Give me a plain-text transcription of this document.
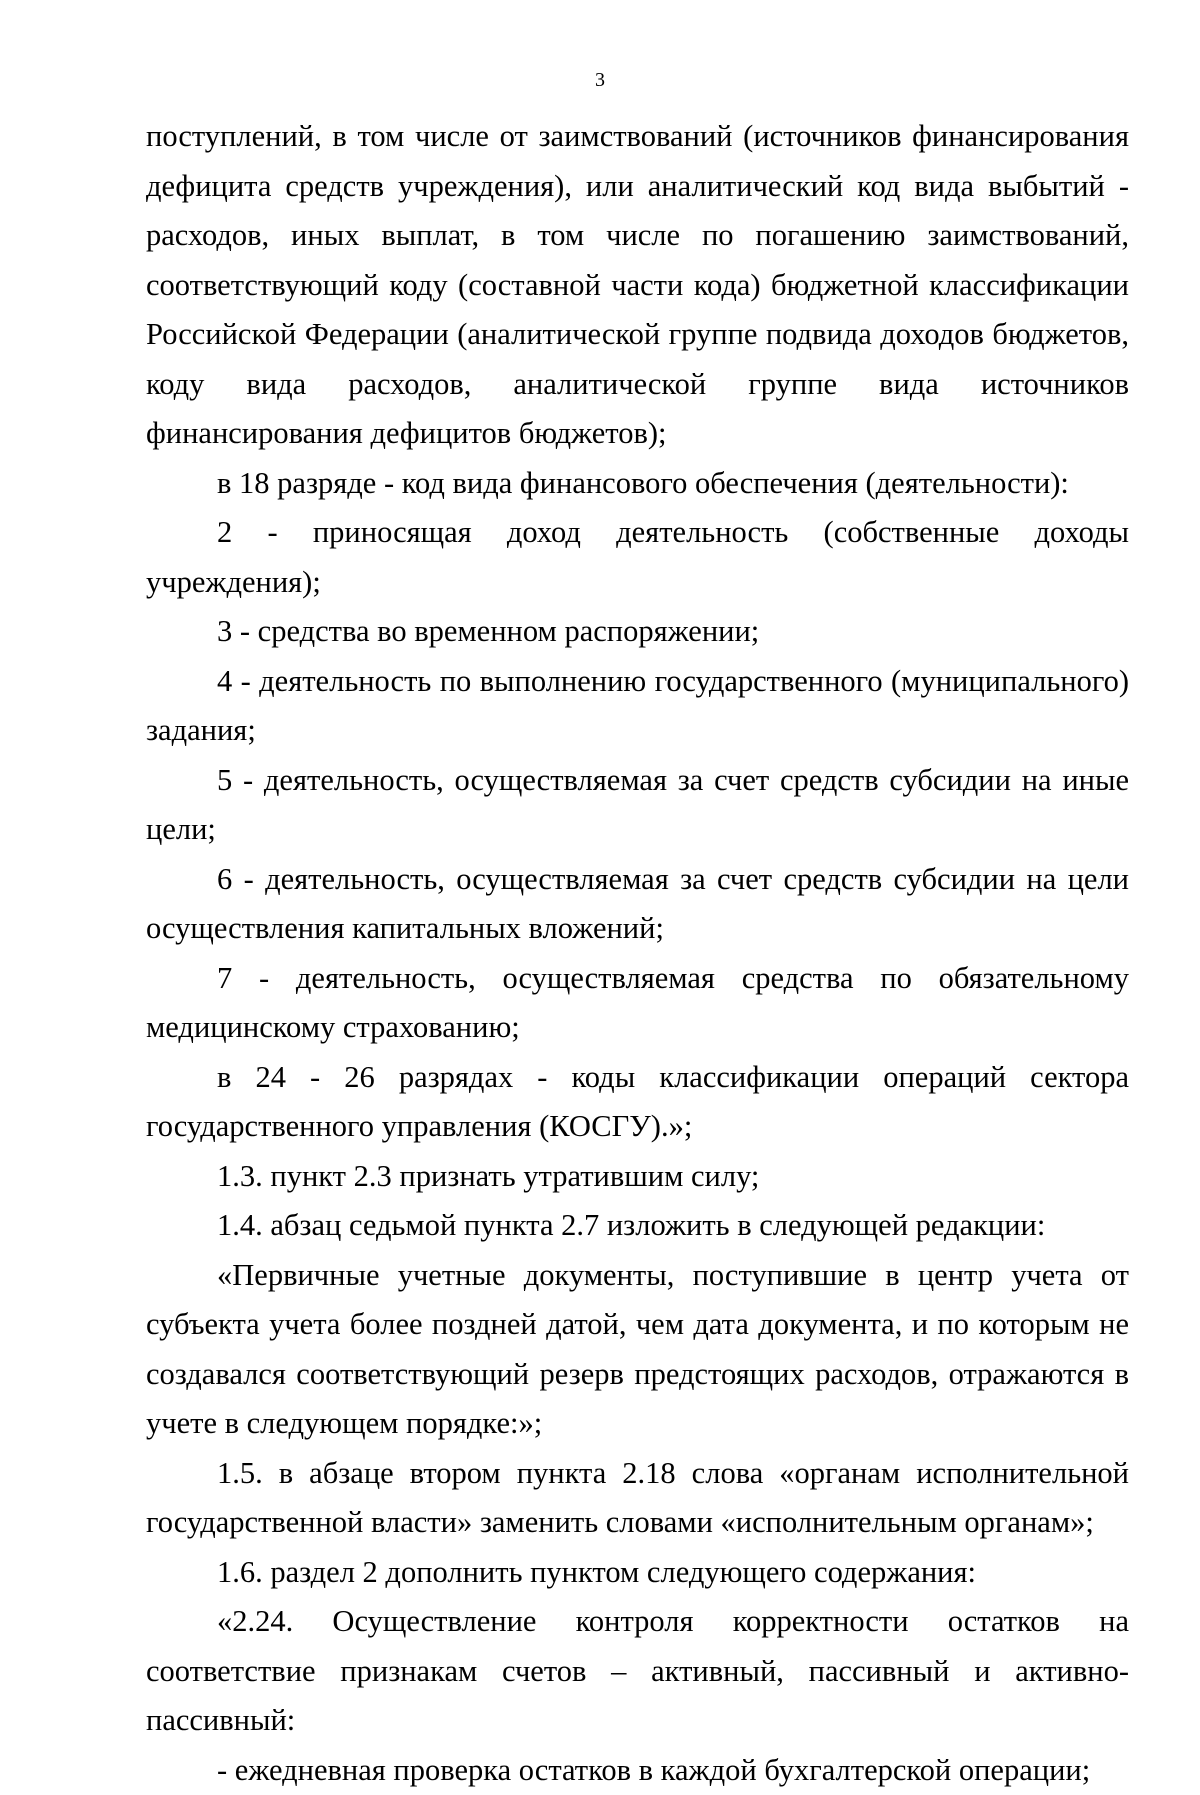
3

поступлений, в том числе от заимствований (источников финансирования дефицита средств учреждения), или аналитический код вида выбытий - расходов, иных выплат, в том числе по погашению заимствований, соответствующий коду (составной части кода) бюджетной классификации Российской Федерации (аналитической группе подвида доходов бюджетов, коду вида расходов, аналитической группе вида источников финансирования дефицитов бюджетов);

в 18 разряде - код вида финансового обеспечения (деятельности):

2 - приносящая доход деятельность (собственные доходы учреждения);

3 - средства во временном распоряжении;

4 - деятельность по выполнению государственного (муниципального) задания;

5 - деятельность, осуществляемая за счет средств субсидии на иные цели;

6 - деятельность, осуществляемая за счет средств субсидии на цели осуществления капитальных вложений;

7 - деятельность, осуществляемая средства по обязательному медицинскому страхованию;

в 24 - 26 разрядах - коды классификации операций сектора государственного управления (КОСГУ).»;

1.3. пункт 2.3 признать утратившим силу;

1.4. абзац седьмой пункта 2.7 изложить в следующей редакции:

«Первичные учетные документы, поступившие в центр учета от субъекта учета более поздней датой, чем дата документа, и по которым не создавался соответствующий резерв предстоящих расходов, отражаются в учете в следующем порядке:»;

1.5. в абзаце втором пункта 2.18 слова «органам исполнительной государственной власти» заменить словами «исполнительным органам»;

1.6. раздел 2 дополнить пунктом следующего содержания:

«2.24. Осуществление контроля корректности остатков на соответствие признакам счетов – активный, пассивный и активно-пассивный:

- ежедневная проверка остатков в каждой бухгалтерской операции;
